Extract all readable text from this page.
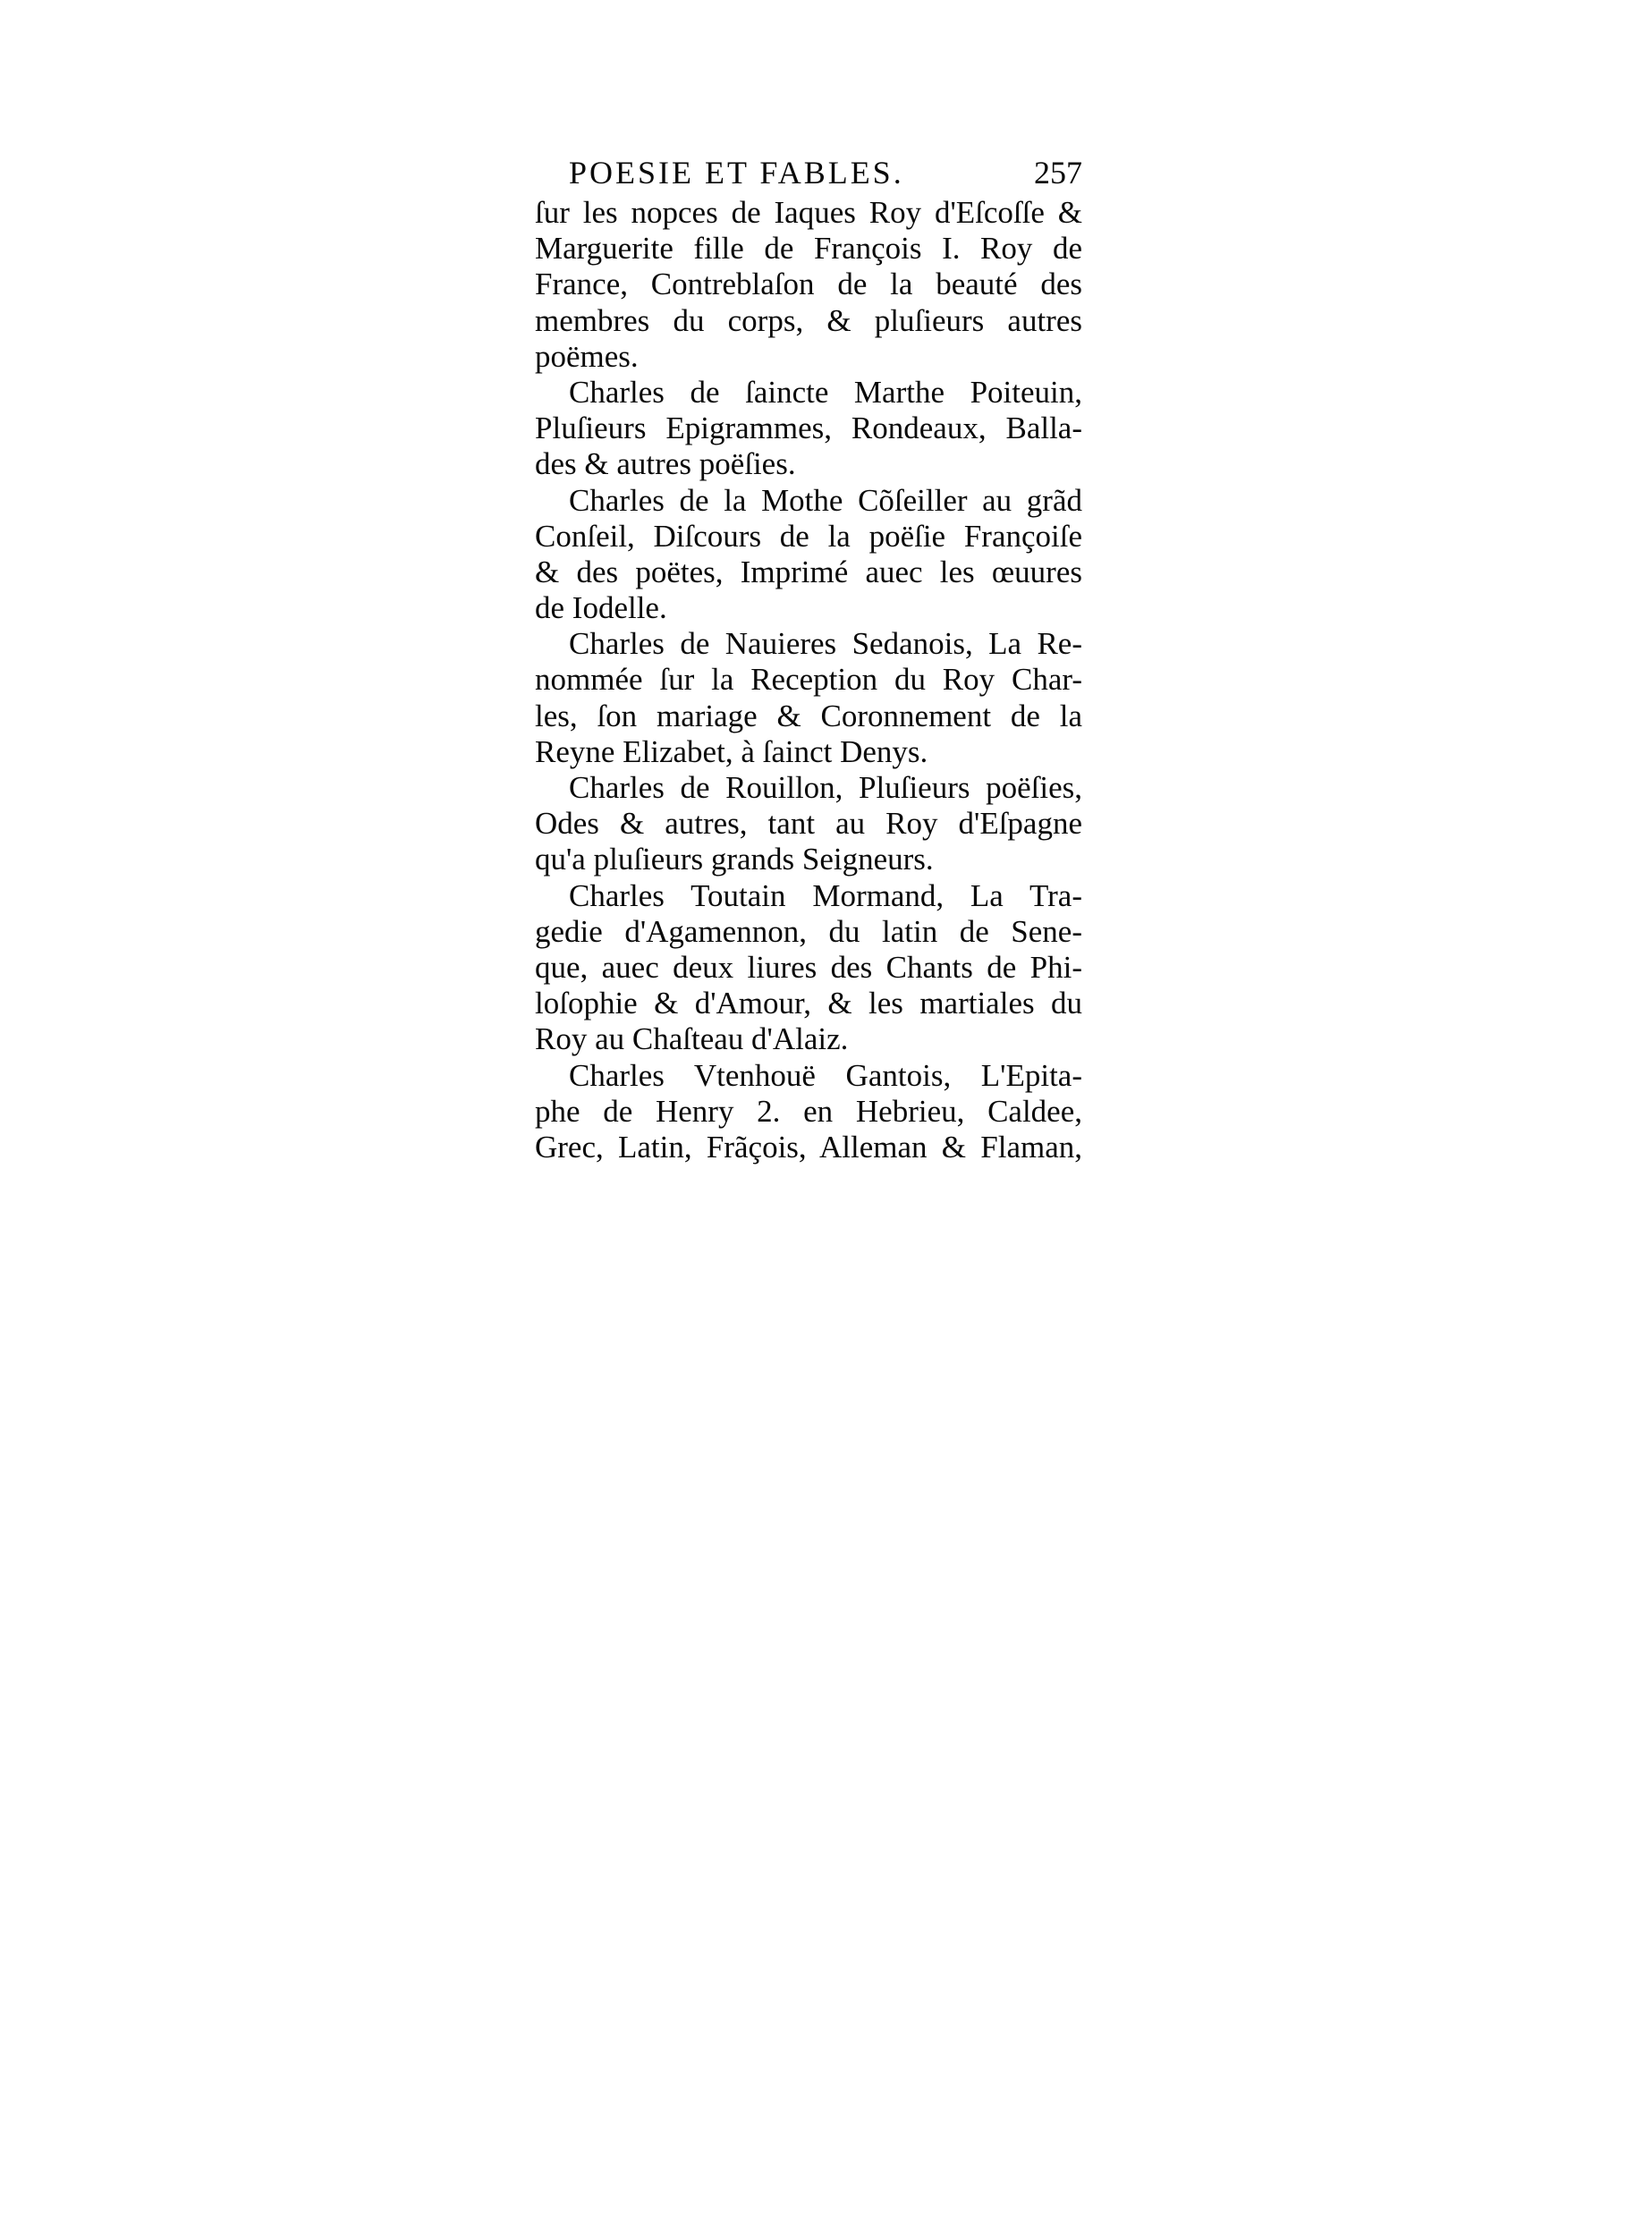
POESIE ET FABLES.	257
ſur les nopces de Iaques Roy d'Eſcoſſe &
Marguerite fille de François I. Roy de
France, Contreblaſon de la beauté des
membres du corps, & pluſieurs autres
poëmes.
Charles de ſaincte Marthe Poiteuin,
Pluſieurs Epigrammes, Rondeaux, Balla-
des & autres poëſies.
Charles de la Mothe Cõſeiller au grãd
Conſeil, Diſcours de la poëſie Françoiſe
& des poëtes, Imprimé auec les œuures
de Iodelle.
Charles de Nauieres Sedanois, La Re-
nommée ſur la Reception du Roy Char-
les, ſon mariage & Coronnement de la
Reyne Elizabet, à ſainct Denys.
Charles de Rouillon, Pluſieurs poëſies,
Odes & autres, tant au Roy d'Eſpagne
qu'a pluſieurs grands Seigneurs.
Charles Toutain Mormand, La Tra-
gedie d'Agamennon, du latin de Sene-
que, auec deux liures des Chants de Phi-
loſophie & d'Amour, & les martiales du
Roy au Chaſteau d'Alaiz.
Charles Vtenhouë Gantois, L'Epita-
phe de Henry 2. en Hebrieu, Caldee,
Grec, Latin, Frãçois, Alleman & Flaman,
